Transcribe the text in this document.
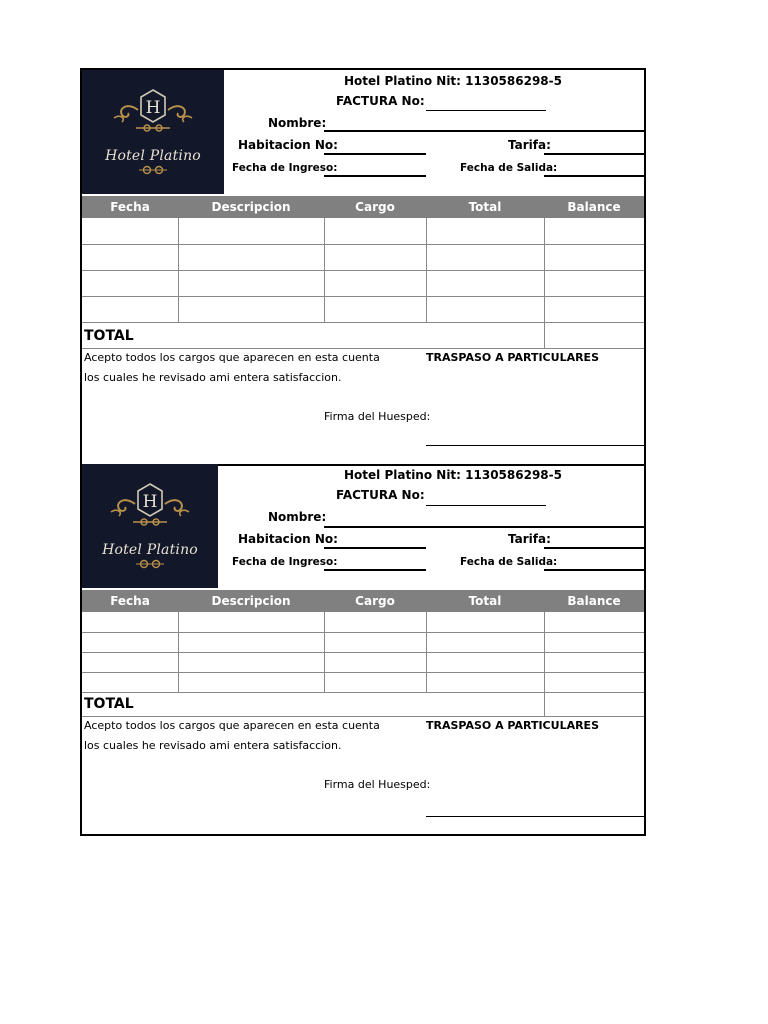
H
Hotel Platino
Hotel Platino Nit: 1130586298-5
FACTURA No:
Nombre:
Habitacion No:	Tarifa:
Fecha de Ingreso:	Fecha de Salida:
Fecha	Descripcion	Cargo	Total	Balance
TOTAL
Acepto todos los cargos que aparecen en esta cuenta
los cuales he revisado ami entera satisfaccion.
TRASPASO A PARTICULARES
Firma del Huesped:
H
Hotel Platino
Hotel Platino Nit: 1130586298-5
FACTURA No:
Nombre:
Habitacion No:	Tarifa:
Fecha de Ingreso:	Fecha de Salida:
Fecha	Descripcion	Cargo	Total	Balance
TOTAL
Acepto todos los cargos que aparecen en esta cuenta
los cuales he revisado ami entera satisfaccion.
TRASPASO A PARTICULARES
Firma del Huesped:
